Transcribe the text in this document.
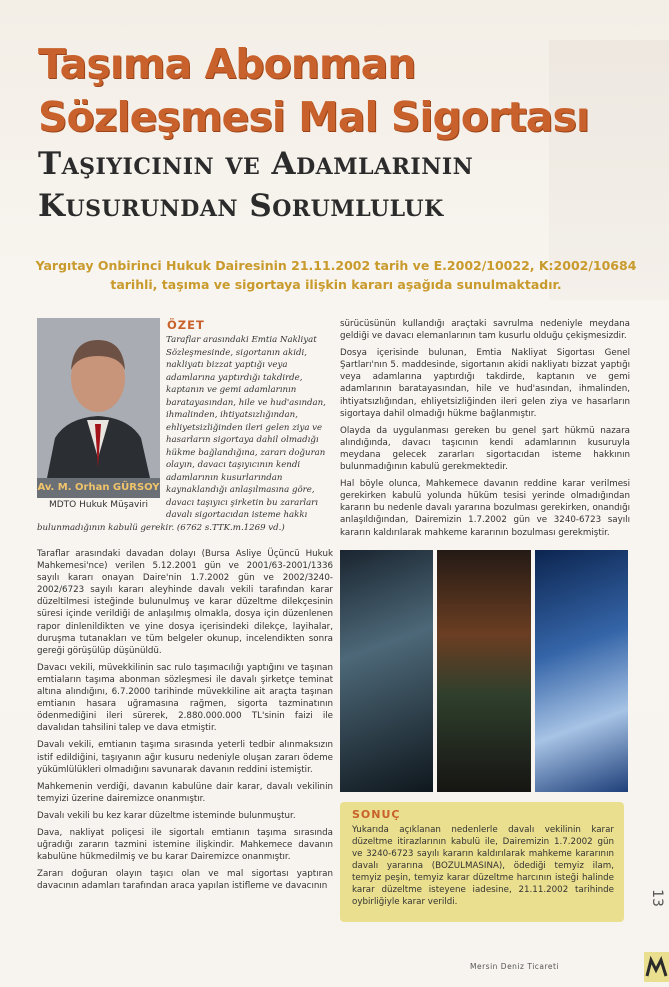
Taşıma Abonman
Sözleşmesi Mal Sigortası
Taşıyıcının ve Adamlarının
Kusurundan Sorumluluk

Yargıtay Onbirinci Hukuk Dairesinin 21.11.2002 tarih ve E.2002/10022, K:2002/10684 tarihli, taşıma ve sigortaya ilişkin kararı aşağıda sunulmaktadır.

Av. M. Orhan GÜRSOY
MDTO Hukuk Müşaviri
ÖZET

Taraflar arasındaki Emtia Nakliyat Sözleşmesinde, sigortanın akidi, nakliyatı bizzat yaptığı veya adamlarına yaptırdığı takdirde, kaptanın ve gemi adamlarının baratayasından, hile ve hud'asından, ihmalinden, ihtiyatsızlığından, ehliyetsizliğinden ileri gelen ziya ve hasarların sigortaya dahil olmadığı hükme bağlandığına, zararı doğuran olayın, davacı taşıyıcının kendi adamlarının kusurlarından kaynaklandığı anlaşılmasına göre, davacı taşıyıcı şirketin bu zararları davalı sigortacıdan isteme hakkı

bulunmadığının kabulü gerekir. (6762 s.TTK.m.1269 vd.)

Taraflar arasındaki davadan dolayı (Bursa Asliye Üçüncü Hukuk Mahkemesi'nce) verilen 5.12.2001 gün ve 2001/63-2001/1336 sayılı kararı onayan Daire'nin 1.7.2002 gün ve 2002/3240-2002/6723 sayılı kararı aleyhinde davalı vekili tarafından karar düzeltilmesi isteğinde bulunulmuş ve karar düzeltme dilekçesinin süresi içinde verildiği de anlaşılmış olmakla, dosya için düzenlenen rapor dinlenildikten ve yine dosya içerisindeki dilekçe, layihalar, duruşma tutanakları ve tüm belgeler okunup, incelendikten sonra gereği görüşülüp düşünüldü.

Davacı vekili, müvekkilinin sac rulo taşımacılığı yaptığını ve taşınan emtiaların taşıma abonman sözleşmesi ile davalı şirketçe teminat altına alındığını, 6.7.2000 tarihinde müvekkiline ait araçta taşınan emtianın hasara uğramasına rağmen, sigorta tazminatının ödenmediğini ileri sürerek, 2.880.000.000 TL'sinin faizi ile davalıdan tahsilini talep ve dava etmiştir.

Davalı vekili, emtianın taşıma sırasında yeterli tedbir alınmaksızın istif edildiğini, taşıyanın ağır kusuru nedeniyle oluşan zararı ödeme yükümlülükleri olmadığını savunarak davanın reddini istemiştir.

Mahkemenin verdiği, davanın kabulüne dair karar, davalı vekilinin temyizi üzerine dairemizce onanmıştır.

Davalı vekili bu kez karar düzeltme isteminde bulunmuştur.

Dava, nakliyat poliçesi ile sigortalı emtianın taşıma sırasında uğradığı zararın tazmini istemine ilişkindir. Mahkemece davanın kabulüne hükmedilmiş ve bu karar Dairemizce onanmıştır.

Zararı doğuran olayın taşıcı olan ve mal sigortası yaptıran davacının adamları tarafından araca yapılan istifleme ve davacının

sürücüsünün kullandığı araçtaki savrulma nedeniyle meydana geldiği ve davacı elemanlarının tam kusurlu olduğu çekişmesizdir.

Dosya içerisinde bulunan, Emtia Nakliyat Sigortası Genel Şartları'nın 5. maddesinde, sigortanın akidi nakliyatı bizzat yaptığı veya adamlarına yaptırdığı takdirde, kaptanın ve gemi adamlarının baratayasından, hile ve hud'asından, ihmalinden, ihtiyatsızlığından, ehliyetsizliğinden ileri gelen ziya ve hasarların sigortaya dahil olmadığı hükme bağlanmıştır.

Olayda da uygulanması gereken bu genel şart hükmü nazara alındığında, davacı taşıcının kendi adamlarının kusuruyla meydana gelecek zararları sigortacıdan isteme hakkının bulunmadığının kabulü gerekmektedir.

Hal böyle olunca, Mahkemece davanın reddine karar verilmesi gerekirken kabulü yolunda hüküm tesisi yerinde olmadığından kararın bu nedenle davalı yararına bozulması gerekirken, onandığı anlaşıldığından, Dairemizin 1.7.2002 gün ve 3240-6723 sayılı kararın kaldırılarak mahkeme kararının bozulması gerekmiştir.

SONUÇ

Yukarıda açıklanan nedenlerle davalı vekilinin karar düzeltme itirazlarının kabulü ile, Dairemizin 1.7.2002 gün ve 3240-6723 sayılı kararın kaldırılarak mahkeme kararının davalı yararına (BOZULMASINA), ödediği temyiz ilam, temyiz peşin, temyiz karar düzeltme harcının isteği halinde karar düzeltme isteyene iadesine, 21.11.2002 tarihinde oybirliğiyle karar verildi.	13
Mersin Deniz Ticareti
